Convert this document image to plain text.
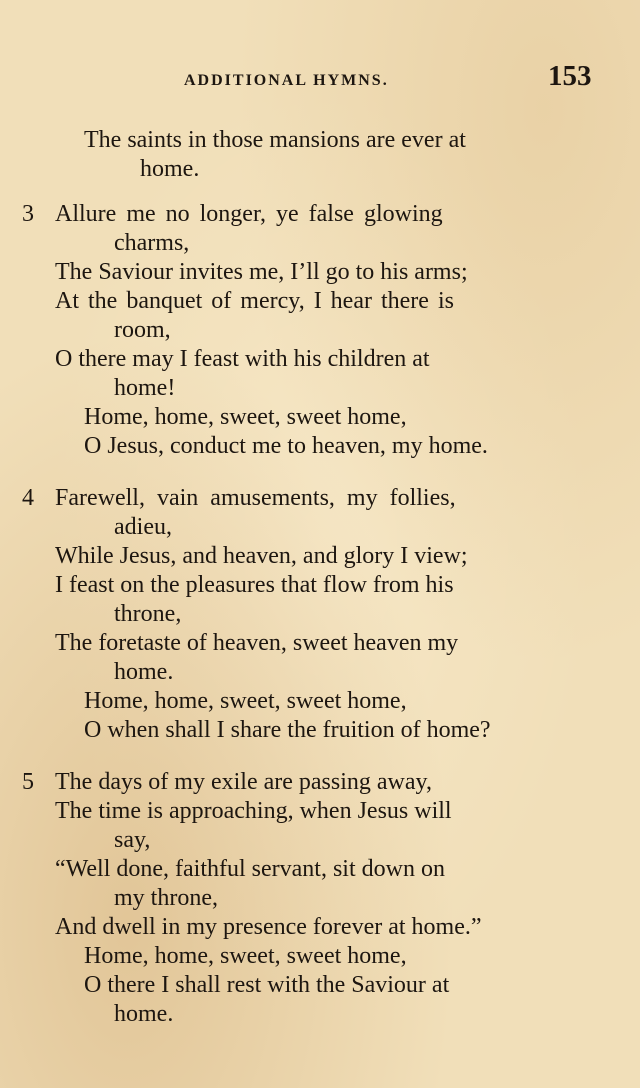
ADDITIONAL HYMNS.	153
The saints in those mansions are ever at
home.
3 Allure me no longer, ye false glowing
charms,
The Saviour invites me, I’ll go to his arms;
At the banquet of mercy, I hear there is
room,
O there may I feast with his children at
home!
Home, home, sweet, sweet home,
O Jesus, conduct me to heaven, my home.
4 Farewell, vain amusements, my follies,
adieu,
While Jesus, and heaven, and glory I view;
I feast on the pleasures that flow from his
throne,
The foretaste of heaven, sweet heaven my
home.
Home, home, sweet, sweet home,
O when shall I share the fruition of home?
5 The days of my exile are passing away,
The time is approaching, when Jesus will
say,
“Well done, faithful servant, sit down on
my throne,
And dwell in my presence forever at home.”
Home, home, sweet, sweet home,
O there I shall rest with the Saviour at
home.
